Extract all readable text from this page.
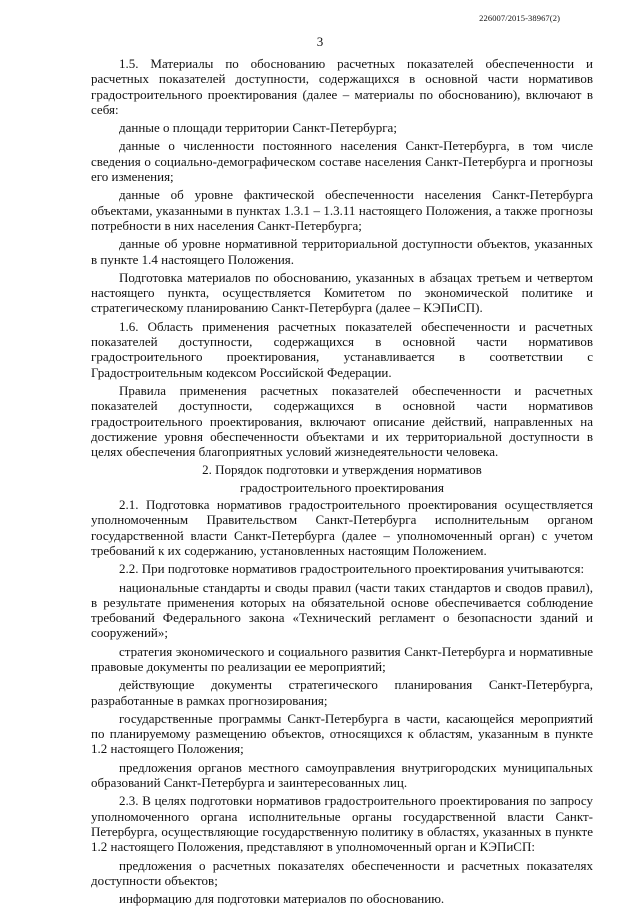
226007/2015-38967(2)
3

1.5. Материалы по обоснованию расчетных показателей обеспеченности и расчетных показателей доступности, содержащихся в основной части нормативов градостроительного проектирования (далее – материалы по обоснованию), включают в себя:

данные о площади территории Санкт-Петербурга;

данные о численности постоянного населения Санкт-Петербурга, в том числе сведения о социально-демографическом составе населения Санкт-Петербурга и прогнозы его изменения;

данные об уровне фактической обеспеченности населения Санкт-Петербурга объектами, указанными в пунктах 1.3.1 – 1.3.11 настоящего Положения, а также прогнозы потребности в них населения Санкт-Петербурга;

данные об уровне нормативной территориальной доступности объектов, указанных в пункте 1.4 настоящего Положения.

Подготовка материалов по обоснованию, указанных в абзацах третьем и четвертом настоящего пункта, осуществляется Комитетом по экономической политике и стратегическому планированию Санкт-Петербурга (далее – КЭПиСП).

1.6. Область применения расчетных показателей обеспеченности и расчетных показателей доступности, содержащихся в основной части нормативов градостроительного проектирования, устанавливается в соответствии с Градостроительным кодексом Российской Федерации.

Правила применения расчетных показателей обеспеченности и расчетных показателей доступности, содержащихся в основной части нормативов градостроительного проектирования, включают описание действий, направленных на достижение уровня обеспеченности объектами и их территориальной доступности в целях обеспечения благоприятных условий жизнедеятельности человека.

2. Порядок подготовки и утверждения нормативов
градостроительного проектирования

2.1. Подготовка нормативов градостроительного проектирования осуществляется уполномоченным Правительством Санкт-Петербурга исполнительным органом государственной власти Санкт-Петербурга (далее – уполномоченный орган) с учетом требований к их содержанию, установленных настоящим Положением.

2.2. При подготовке нормативов градостроительного проектирования учитываются:

национальные стандарты и своды правил (части таких стандартов и сводов правил), в результате применения которых на обязательной основе обеспечивается соблюдение требований Федерального закона «Технический регламент о безопасности зданий и сооружений»;

стратегия экономического и социального развития Санкт-Петербурга и нормативные правовые документы по реализации ее мероприятий;

действующие документы стратегического планирования Санкт-Петербурга, разработанные в рамках прогнозирования;

государственные программы Санкт-Петербурга в части, касающейся мероприятий по планируемому размещению объектов, относящихся к областям, указанным в пункте 1.2 настоящего Положения;

предложения органов местного самоуправления внутригородских муниципальных образований Санкт-Петербурга и заинтересованных лиц.

2.3. В целях подготовки нормативов градостроительного проектирования по запросу уполномоченного органа исполнительные органы государственной власти Санкт-Петербурга, осуществляющие государственную политику в областях, указанных в пункте 1.2 настоящего Положения, представляют в уполномоченный орган и КЭПиСП:

предложения о расчетных показателях обеспеченности и расчетных показателях доступности объектов;

информацию для подготовки материалов по обоснованию.
